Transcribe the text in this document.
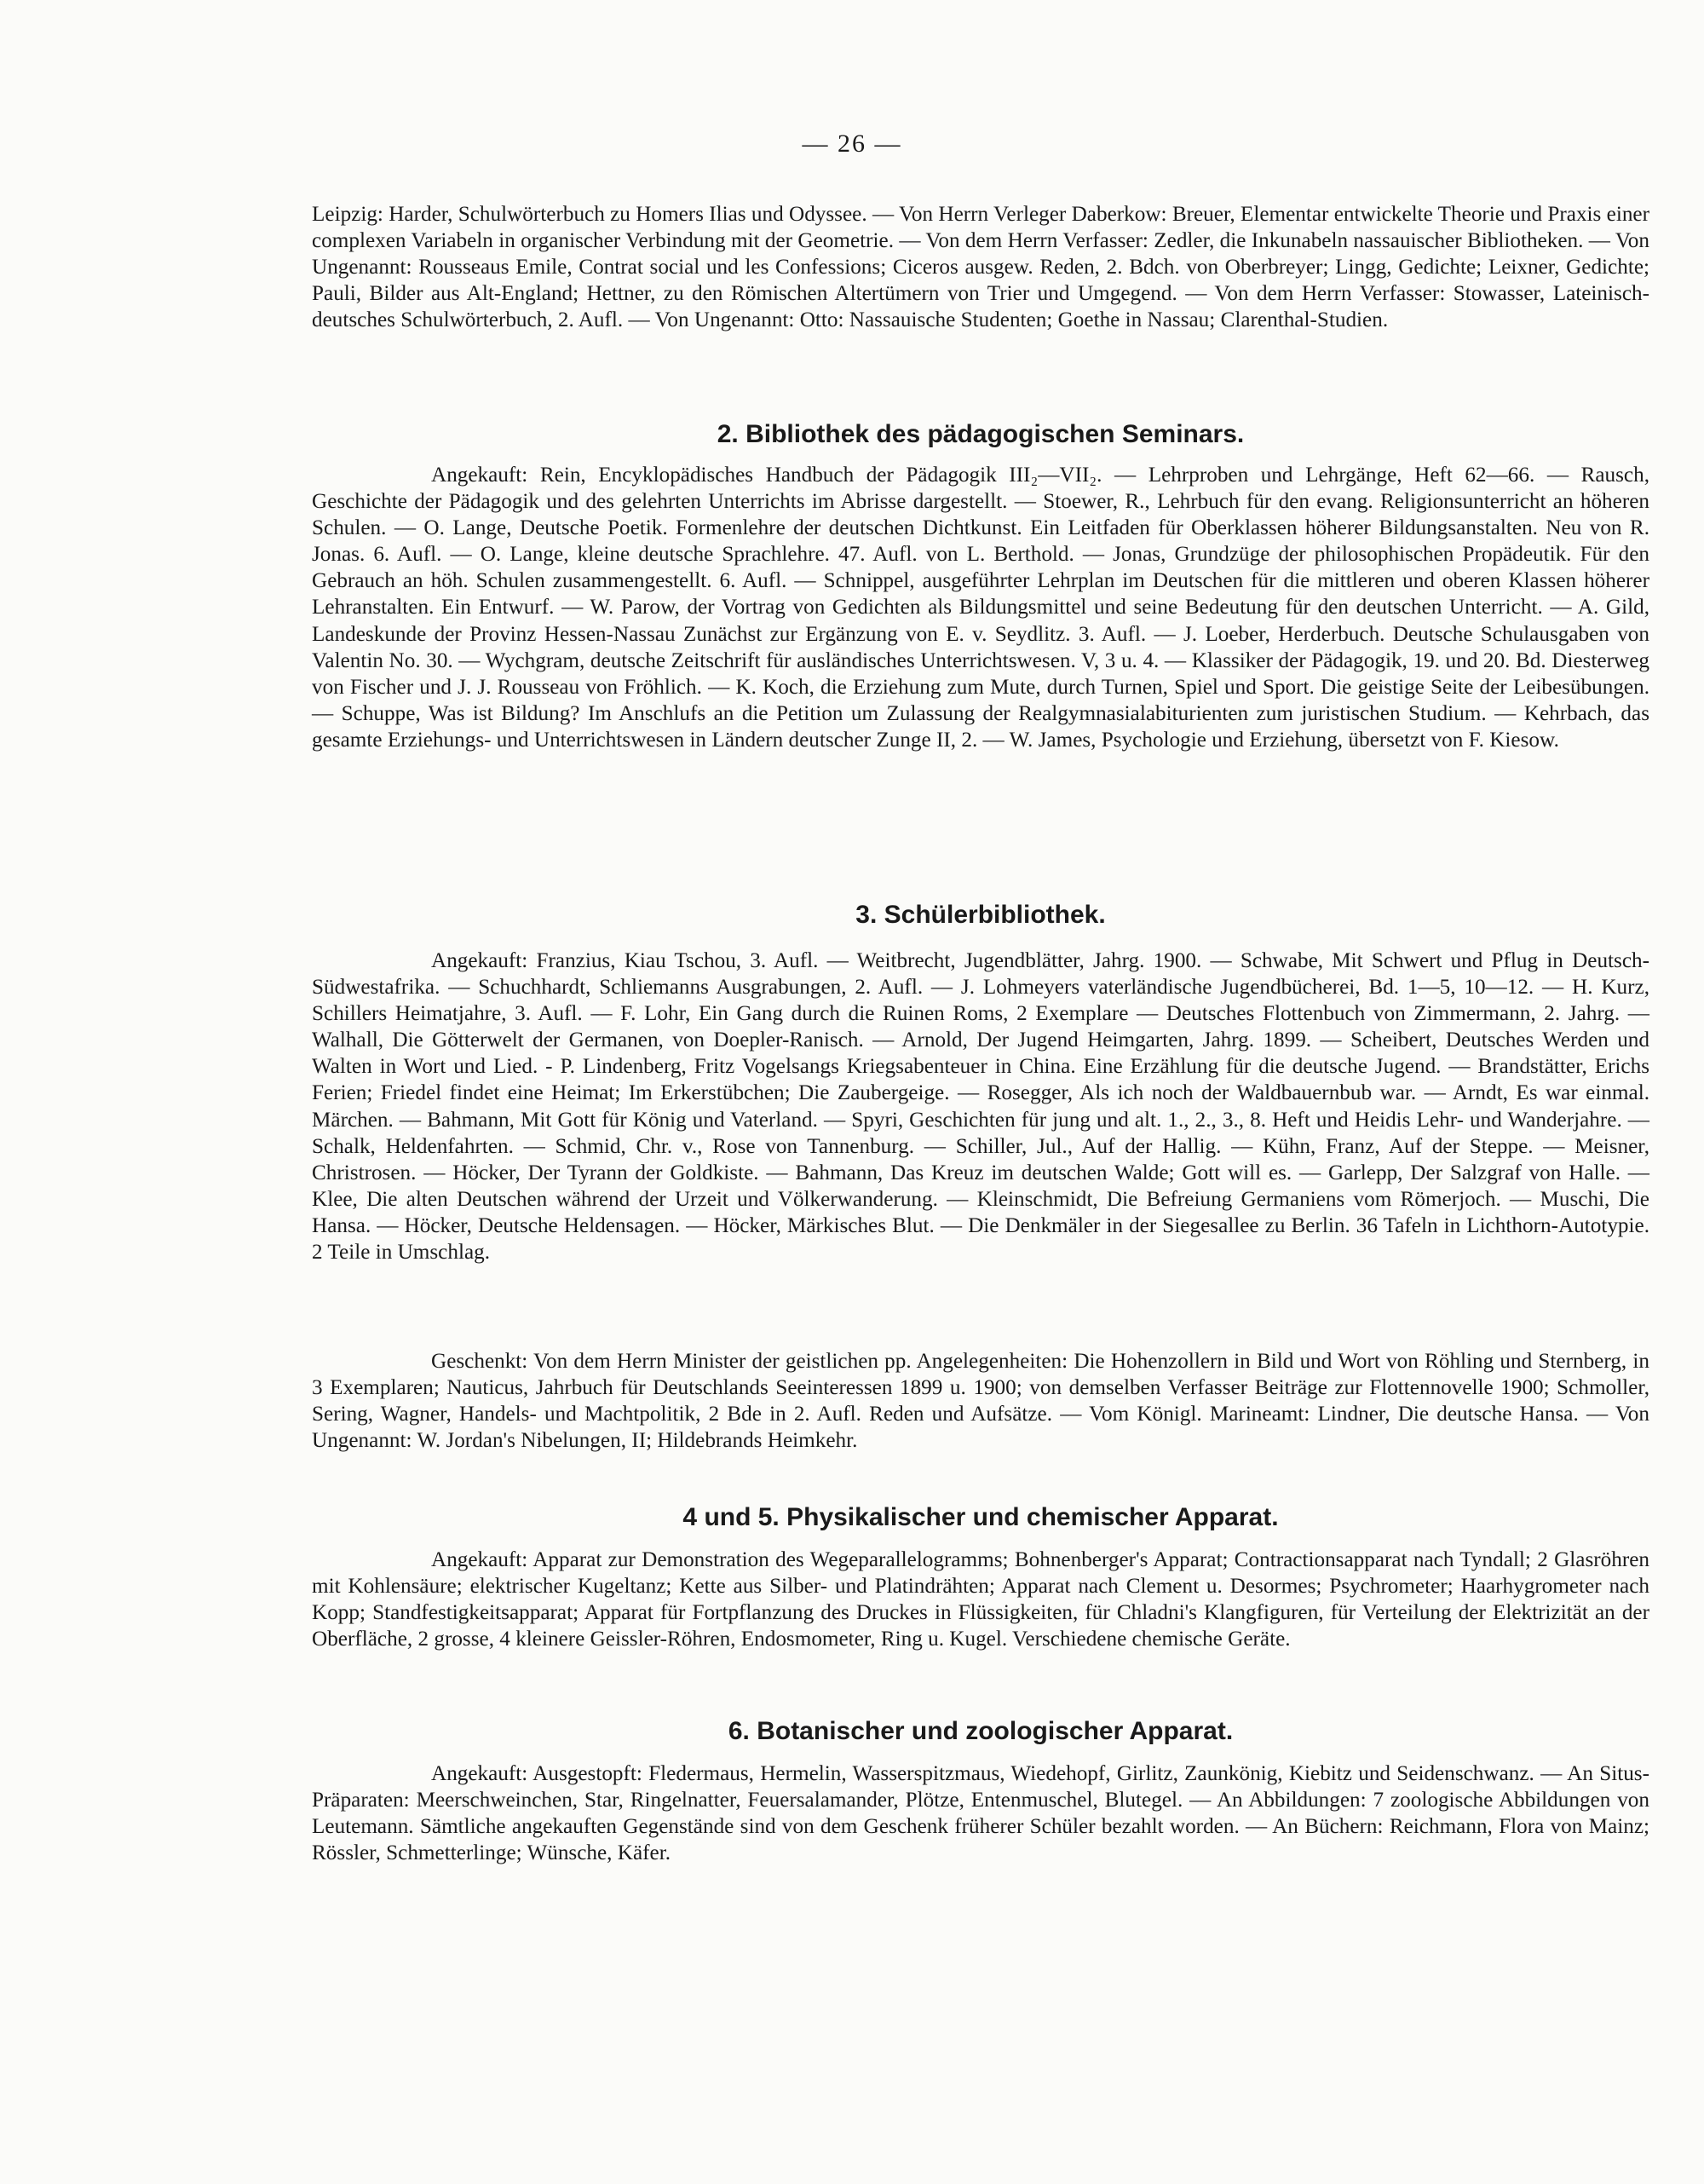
— 26 —

Leipzig: Harder, Schulwörterbuch zu Homers Ilias und Odyssee. — Von Herrn Verleger Daberkow: Breuer, Elementar entwickelte Theorie und Praxis einer complexen Variabeln in organischer Verbindung mit der Geometrie. — Von dem Herrn Verfasser: Zedler, die Inkunabeln nassauischer Bibliotheken. — Von Ungenannt: Rousseaus Emile, Contrat social und les Confessions; Ciceros ausgew. Reden, 2. Bdch. von Oberbreyer; Lingg, Gedichte; Leixner, Gedichte; Pauli, Bilder aus Alt-England; Hettner, zu den Römischen Altertümern von Trier und Umgegend. — Von dem Herrn Verfasser: Stowasser, Lateinisch-deutsches Schulwörterbuch, 2. Aufl. — Von Ungenannt: Otto: Nassauische Studenten; Goethe in Nassau; Clarenthal-Studien.

2. Bibliothek des pädagogischen Seminars.

Angekauft: Rein, Encyklopädisches Handbuch der Pädagogik III₂—VII₂. — Lehrproben und Lehrgänge, Heft 62—66. — Rausch, Geschichte der Pädagogik und des gelehrten Unterrichts im Abrisse dargestellt. — Stoewer, R., Lehrbuch für den evang. Religionsunterricht an höheren Schulen. — O. Lange, Deutsche Poetik. Formenlehre der deutschen Dichtkunst. Ein Leitfaden für Oberklassen höherer Bildungsanstalten. Neu von R. Jonas. 6. Aufl. — O. Lange, kleine deutsche Sprachlehre. 47. Aufl. von L. Berthold. — Jonas, Grundzüge der philosophischen Propädeutik. Für den Gebrauch an höh. Schulen zusammengestellt. 6. Aufl. — Schnippel, ausgeführter Lehrplan im Deutschen für die mittleren und oberen Klassen höherer Lehranstalten. Ein Entwurf. — W. Parow, der Vortrag von Gedichten als Bildungsmittel und seine Bedeutung für den deutschen Unterricht. — A. Gild, Landeskunde der Provinz Hessen-Nassau Zunächst zur Ergänzung von E. v. Seydlitz. 3. Aufl. — J. Loeber, Herderbuch. Deutsche Schulausgaben von Valentin No. 30. — Wychgram, deutsche Zeitschrift für ausländisches Unterrichtswesen. V, 3 u. 4. — Klassiker der Pädagogik, 19. und 20. Bd. Diesterweg von Fischer und J. J. Rousseau von Fröhlich. — K. Koch, die Erziehung zum Mute, durch Turnen, Spiel und Sport. Die geistige Seite der Leibesübungen. — Schuppe, Was ist Bildung? Im Anschlufs an die Petition um Zulassung der Realgymnasialabiturienten zum juristischen Studium. — Kehrbach, das gesamte Erziehungs- und Unterrichtswesen in Ländern deutscher Zunge II, 2. — W. James, Psychologie und Erziehung, übersetzt von F. Kiesow.

3. Schülerbibliothek.

Angekauft: Franzius, Kiau Tschou, 3. Aufl. — Weitbrecht, Jugendblätter, Jahrg. 1900. — Schwabe, Mit Schwert und Pflug in Deutsch-Südwestafrika. — Schuchhardt, Schliemanns Ausgrabungen, 2. Aufl. — J. Lohmeyers vaterländische Jugendbücherei, Bd. 1—5, 10—12. — H. Kurz, Schillers Heimatjahre, 3. Aufl. — F. Lohr, Ein Gang durch die Ruinen Roms, 2 Exemplare — Deutsches Flottenbuch von Zimmermann, 2. Jahrg. — Walhall, Die Götterwelt der Germanen, von Doepler-Ranisch. — Arnold, Der Jugend Heimgarten, Jahrg. 1899. — Scheibert, Deutsches Werden und Walten in Wort und Lied. - P. Lindenberg, Fritz Vogelsangs Kriegsabenteuer in China. Eine Erzählung für die deutsche Jugend. — Brandstätter, Erichs Ferien; Friedel findet eine Heimat; Im Erkerstübchen; Die Zaubergeige. — Rosegger, Als ich noch der Waldbauernbub war. — Arndt, Es war einmal. Märchen. — Bahmann, Mit Gott für König und Vaterland. — Spyri, Geschichten für jung und alt. 1., 2., 3., 8. Heft und Heidis Lehr- und Wanderjahre. — Schalk, Heldenfahrten. — Schmid, Chr. v., Rose von Tannenburg. — Schiller, Jul., Auf der Hallig. — Kühn, Franz, Auf der Steppe. — Meisner, Christrosen. — Höcker, Der Tyrann der Goldkiste. — Bahmann, Das Kreuz im deutschen Walde; Gott will es. — Garlepp, Der Salzgraf von Halle. — Klee, Die alten Deutschen während der Urzeit und Völkerwanderung. — Kleinschmidt, Die Befreiung Germaniens vom Römerjoch. — Muschi, Die Hansa. — Höcker, Deutsche Heldensagen. — Höcker, Märkisches Blut. — Die Denkmäler in der Siegesallee zu Berlin. 36 Tafeln in Lichthorn-Autotypie. 2 Teile in Umschlag.

Geschenkt: Von dem Herrn Minister der geistlichen pp. Angelegenheiten: Die Hohenzollern in Bild und Wort von Röhling und Sternberg, in 3 Exemplaren; Nauticus, Jahrbuch für Deutschlands Seeinteressen 1899 u. 1900; von demselben Verfasser Beiträge zur Flottennovelle 1900; Schmoller, Sering, Wagner, Handels- und Machtpolitik, 2 Bde in 2. Aufl. Reden und Aufsätze. — Vom Königl. Marineamt: Lindner, Die deutsche Hansa. — Von Ungenannt: W. Jordan's Nibelungen, II; Hildebrands Heimkehr.

4 und 5. Physikalischer und chemischer Apparat.

Angekauft: Apparat zur Demonstration des Wegeparallelogramms; Bohnenberger's Apparat; Contractionsapparat nach Tyndall; 2 Glasröhren mit Kohlensäure; elektrischer Kugeltanz; Kette aus Silber- und Platindrähten; Apparat nach Clement u. Desormes; Psychrometer; Haarhygrometer nach Kopp; Standfestigkeitsapparat; Apparat für Fortpflanzung des Druckes in Flüssigkeiten, für Chladni's Klangfiguren, für Verteilung der Elektrizität an der Oberfläche, 2 grosse, 4 kleinere Geissler-Röhren, Endosmometer, Ring u. Kugel. Verschiedene chemische Geräte.

6. Botanischer und zoologischer Apparat.

Angekauft: Ausgestopft: Fledermaus, Hermelin, Wasserspitzmaus, Wiedehopf, Girlitz, Zaunkönig, Kiebitz und Seidenschwanz. — An Situs-Präparaten: Meerschweinchen, Star, Ringelnatter, Feuersalamander, Plötze, Entenmuschel, Blutegel. — An Abbildungen: 7 zoologische Abbildungen von Leutemann. Sämtliche angekauften Gegenstände sind von dem Geschenk früherer Schüler bezahlt worden. — An Büchern: Reichmann, Flora von Mainz; Rössler, Schmetterlinge; Wünsche, Käfer.
